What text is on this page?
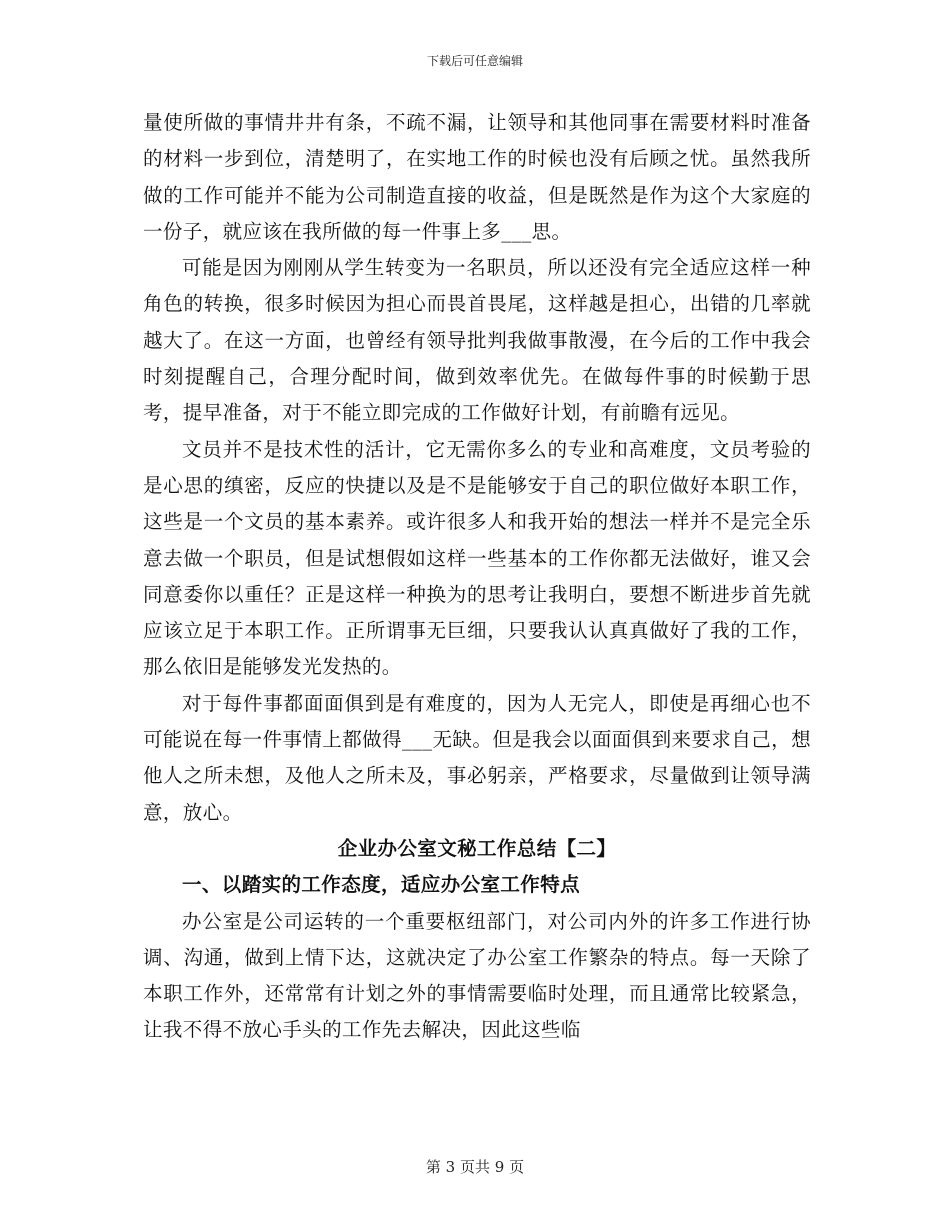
下载后可任意编辑

量使所做的事情井井有条，不疏不漏，让领导和其他同事在需要材料时准备的材料一步到位，清楚明了，在实地工作的时候也没有后顾之忧。虽然我所做的工作可能并不能为公司制造直接的收益，但是既然是作为这个大家庭的一份子，就应该在我所做的每一件事上多___思。

可能是因为刚刚从学生转变为一名职员，所以还没有完全适应这样一种角色的转换，很多时候因为担心而畏首畏尾，这样越是担心，出错的几率就越大了。在这一方面，也曾经有领导批判我做事散漫，在今后的工作中我会时刻提醒自己，合理分配时间，做到效率优先。在做每件事的时候勤于思考，提早准备，对于不能立即完成的工作做好计划，有前瞻有远见。

文员并不是技术性的活计，它无需你多么的专业和高难度，文员考验的是心思的缜密，反应的快捷以及是不是能够安于自己的职位做好本职工作，这些是一个文员的基本素养。或许很多人和我开始的想法一样并不是完全乐意去做一个职员，但是试想假如这样一些基本的工作你都无法做好，谁又会同意委你以重任？正是这样一种换为的思考让我明白，要想不断进步首先就应该立足于本职工作。正所谓事无巨细，只要我认认真真做好了我的工作，那么依旧是能够发光发热的。

对于每件事都面面俱到是有难度的，因为人无完人，即使是再细心也不可能说在每一件事情上都做得___无缺。但是我会以面面俱到来要求自己，想他人之所未想，及他人之所未及，事必躬亲，严格要求，尽量做到让领导满意，放心。

企业办公室文秘工作总结【二】

一、以踏实的工作态度，适应办公室工作特点

办公室是公司运转的一个重要枢纽部门，对公司内外的许多工作进行协调、沟通，做到上情下达，这就决定了办公室工作繁杂的特点。每一天除了本职工作外，还常常有计划之外的事情需要临时处理，而且通常比较紧急，让我不得不放心手头的工作先去解决，因此这些临

第 3 页共 9 页
